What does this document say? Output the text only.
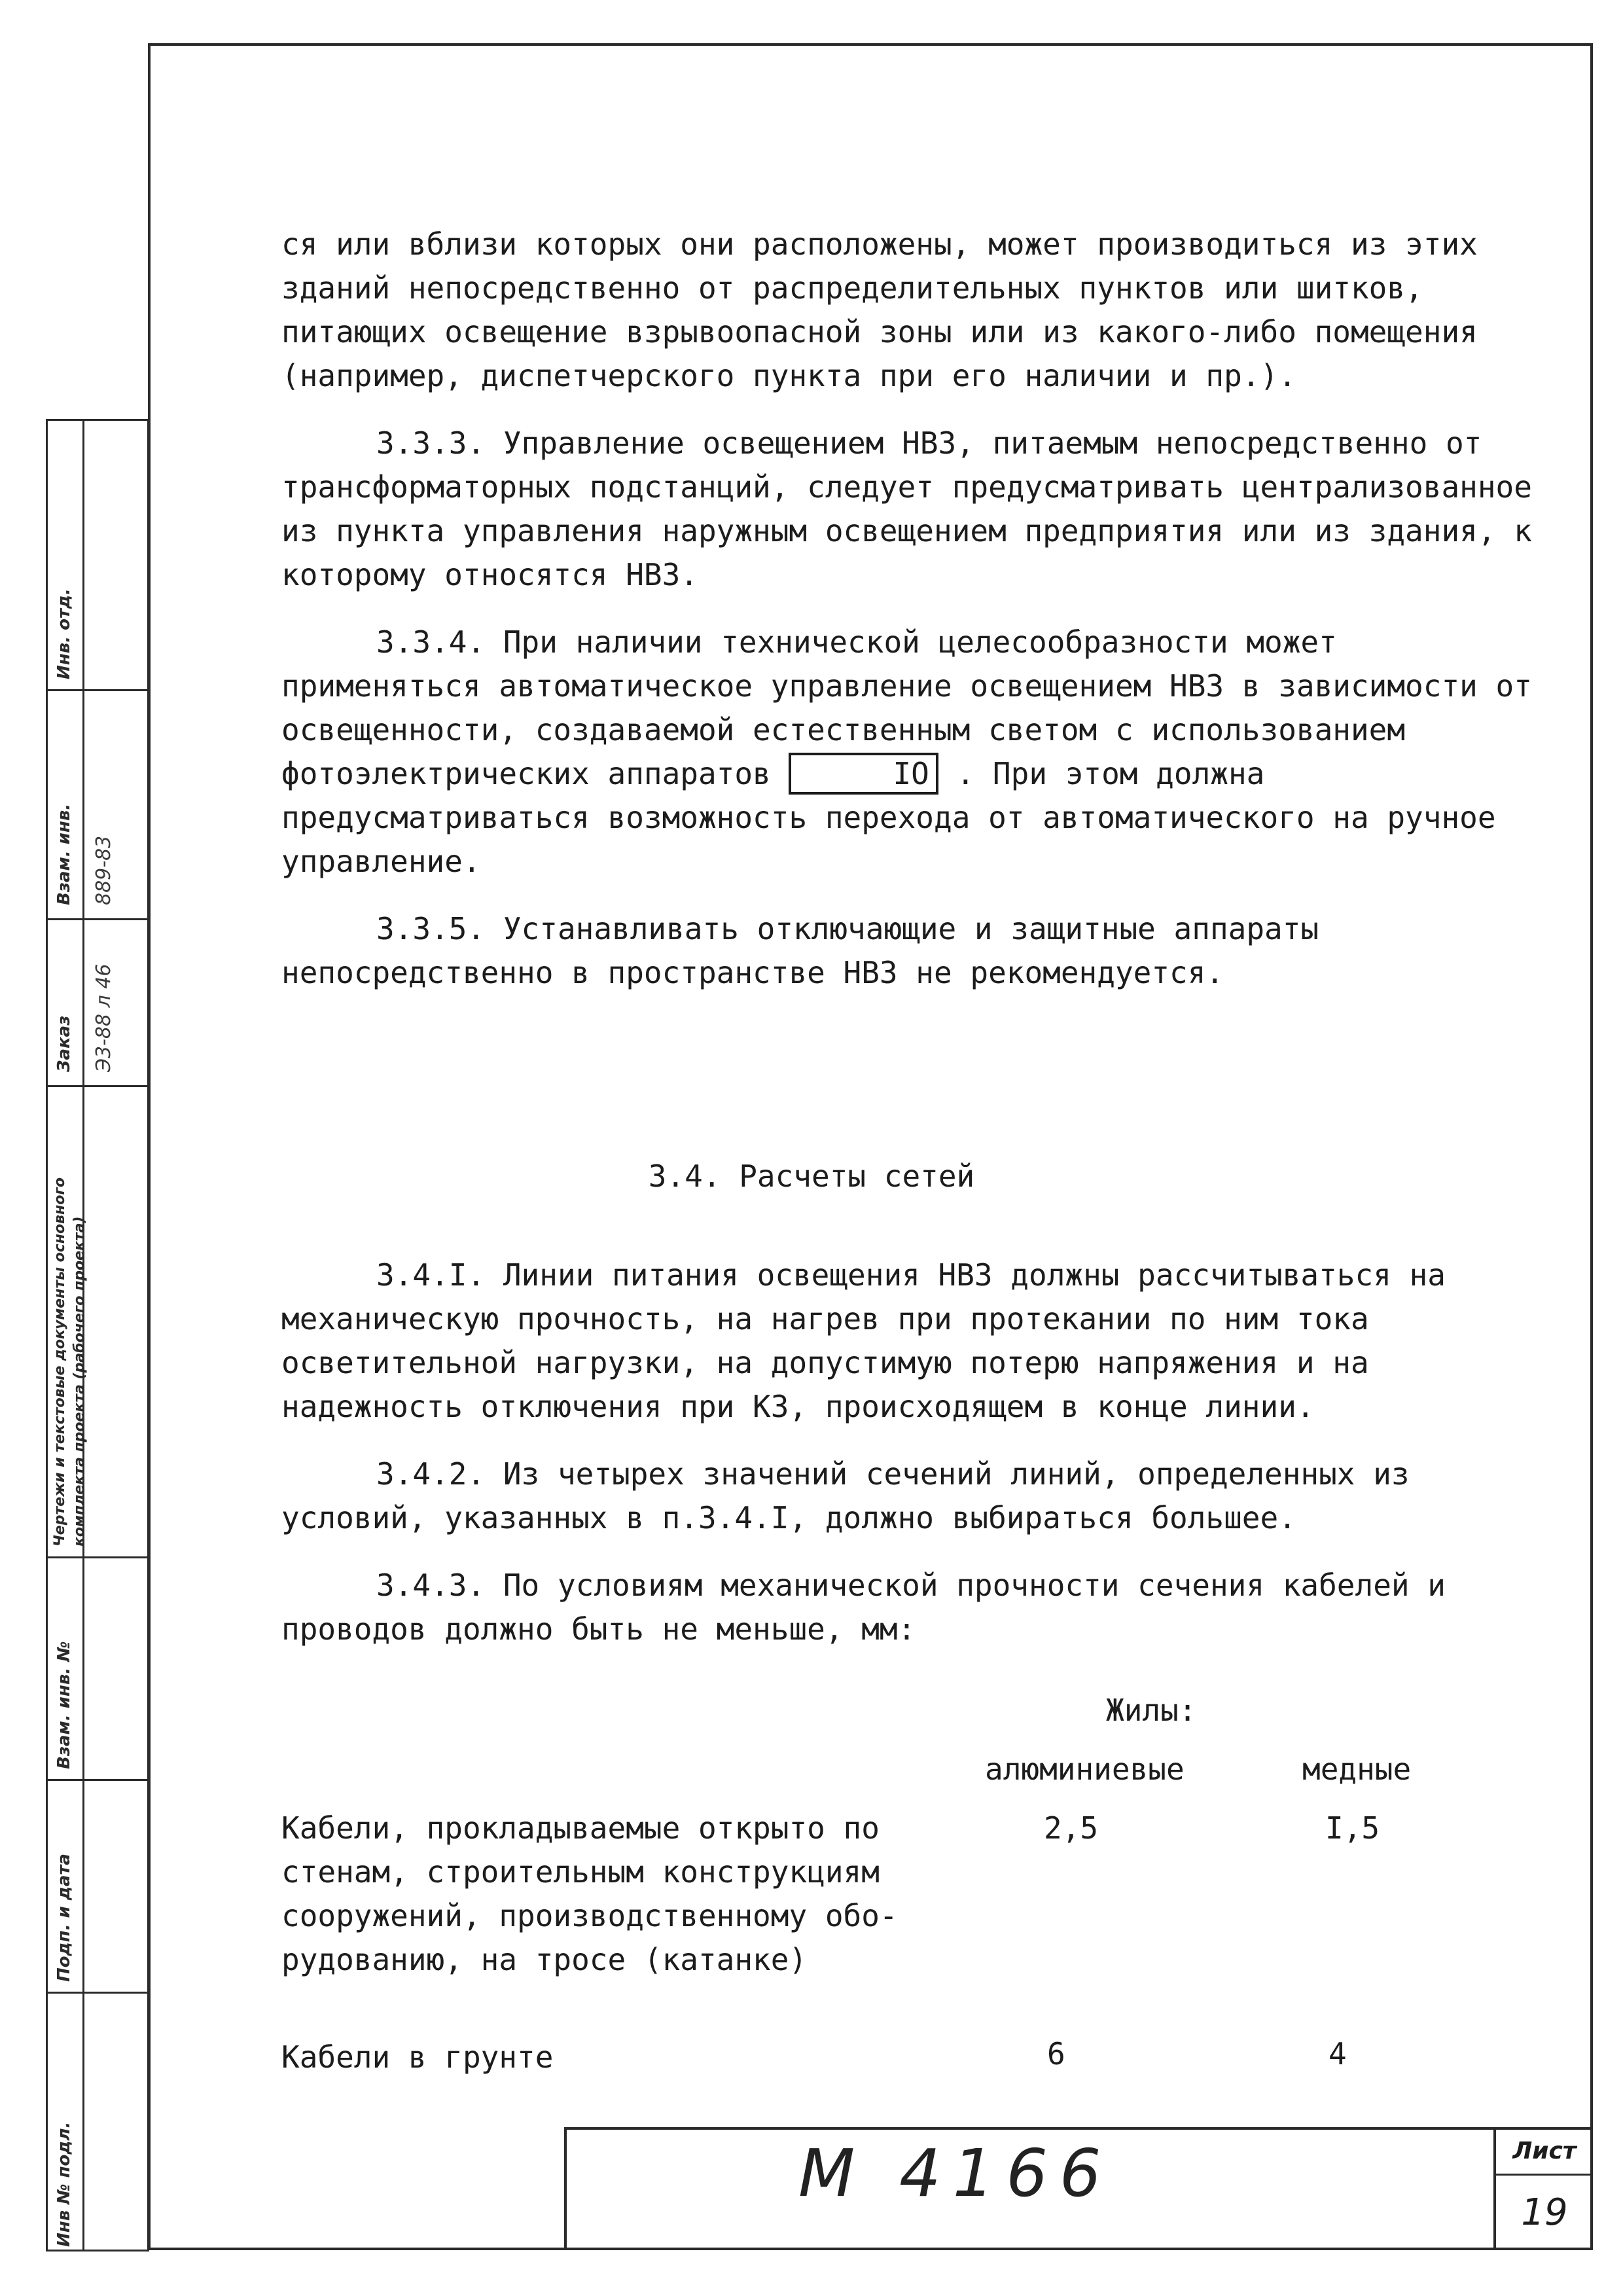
Инв. отд.
Взам. инв. 889-83
Заказ Э3-88 л 46
Чертежи и текстовые документы основного комплекта проекта (рабочего проекта)
Взам. инв. №
Подп. и дата
Инв № подл.

ся или вблизи которых они расположены, может производиться из этих зданий непосредственно от распределительных пунктов или шитков, питающих освещение взрывоопасной зоны или из какого-либо помещения (например, диспетчерского пункта при его наличии и пр.).

3.3.3. Управление освещением НВЗ, питаемым непосредственно от трансформаторных подстанций, следует предусматривать централизованное из пункта управления наружным освещением предприятия или из здания, к которому относятся НВЗ.

3.3.4. При наличии технической целесообразности может применяться автоматическое управление освещением НВЗ в зависимости от освещенности, создаваемой естественным светом с использованием фотоэлектрических аппаратов	IO . При этом должна предусматриваться возможность перехода от автоматического на ручное управление.

3.3.5. Устанавливать отключающие и защитные аппараты непосредственно в пространстве НВЗ не рекомендуется.

3.4. Расчеты сетей

3.4.I. Линии питания освещения НВЗ должны рассчитываться на механическую прочность, на нагрев при протекании по ним тока осветительной нагрузки, на допустимую потерю напряжения и на надежность отключения при КЗ, происходящем в конце линии.

3.4.2. Из четырех значений сечений линий, определенных из условий, указанных в п.3.4.I, должно выбираться большее.

3.4.3. По условиям механической прочности сечения кабелей и проводов должно быть не меньше, мм:

Жилы:
алюминиевые	медные
Кабели, прокладываемые открыто по
стенам, строительным конструкциям
сооружений, производственному обо-
рудованию, на тросе (катанке)
2,5	I,5
Кабели в грунте	6	4
М 4166	Лист
19
